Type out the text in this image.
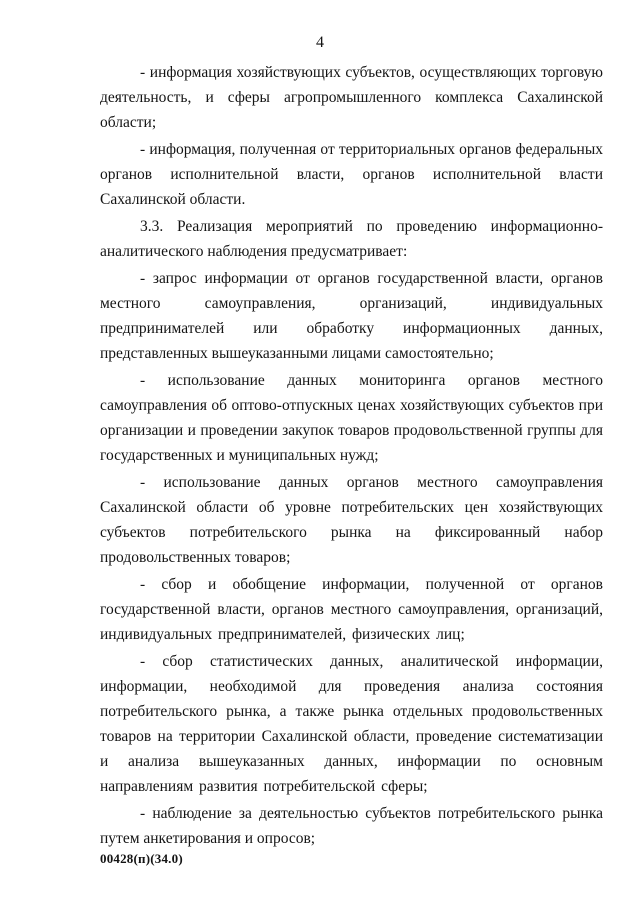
4

- информация хозяйствующих субъектов, осуществляющих торговую деятельность, и сферы агропромышленного комплекса Сахалинской области;

- информация, полученная от территориальных органов федеральных органов исполнительной власти, органов исполнительной власти Сахалинской области.

3.3. Реализация мероприятий по проведению информационно-аналитического наблюдения предусматривает:

- запрос информации от органов государственной власти, органов местного самоуправления, организаций, индивидуальных предпринимателей или обработку информационных данных, представленных вышеуказанными лицами самостоятельно;

- использование данных мониторинга органов местного самоуправления об оптово-отпускных ценах хозяйствующих субъектов при организации и проведении закупок товаров продовольственной группы для государственных и муниципальных нужд;

- использование данных органов местного самоуправления Сахалинской области об уровне потребительских цен хозяйствующих субъектов потребительского рынка на фиксированный набор продовольственных товаров;

- сбор и обобщение информации, полученной от органов государственной власти, органов местного самоуправления, организаций, индивидуальных предпринимателей, физических лиц;

- сбор статистических данных, аналитической информации, информации, необходимой для проведения анализа состояния потребительского рынка, а также рынка отдельных продовольственных товаров на территории Сахалинской области, проведение систематизации и анализа вышеуказанных данных, информации по основным направлениям развития потребительской сферы;

- наблюдение за деятельностью субъектов потребительского рынка путем анкетирования и опросов;

00428(п)(34.0)
